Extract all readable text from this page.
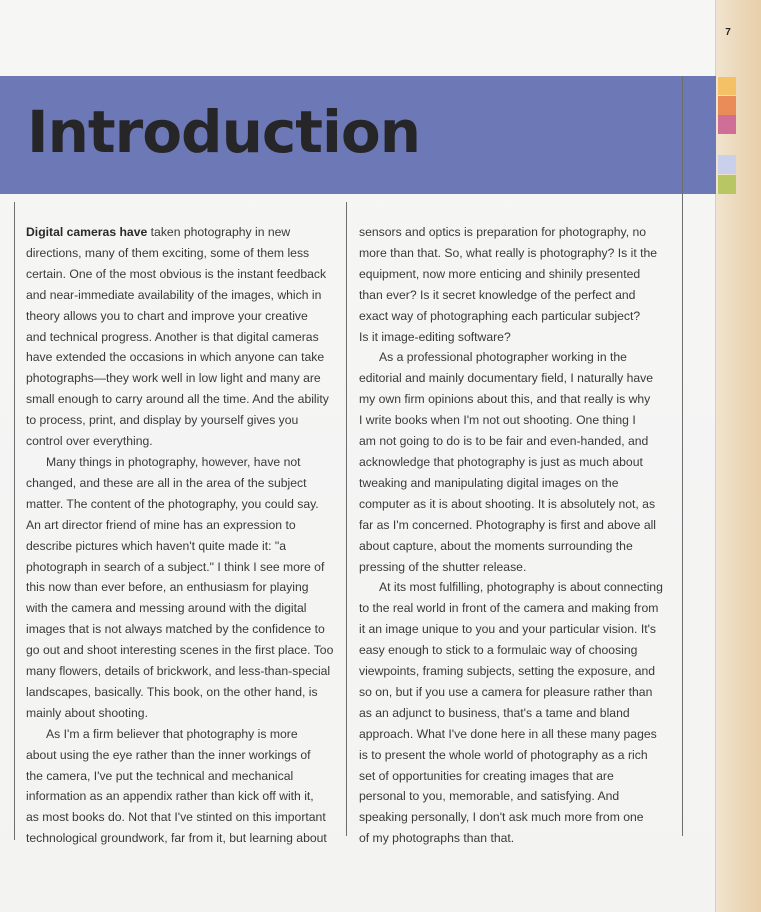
7
Introduction

Digital cameras have taken photography in new
directions, many of them exciting, some of them less
certain. One of the most obvious is the instant feedback
and near-immediate availability of the images, which in
theory allows you to chart and improve your creative
and technical progress. Another is that digital cameras
have extended the occasions in which anyone can take
photographs—they work well in low light and many are
small enough to carry around all the time. And the ability
to process, print, and display by yourself gives you
control over everything.

Many things in photography, however, have not
changed, and these are all in the area of the subject
matter. The content of the photography, you could say.
An art director friend of mine has an expression to
describe pictures which haven't quite made it: "a
photograph in search of a subject." I think I see more of
this now than ever before, an enthusiasm for playing
with the camera and messing around with the digital
images that is not always matched by the confidence to
go out and shoot interesting scenes in the first place. Too
many flowers, details of brickwork, and less-than-special
landscapes, basically. This book, on the other hand, is
mainly about shooting.

As I'm a firm believer that photography is more
about using the eye rather than the inner workings of
the camera, I've put the technical and mechanical
information as an appendix rather than kick off with it,
as most books do. Not that I've stinted on this important
technological groundwork, far from it, but learning about

sensors and optics is preparation for photography, no
more than that. So, what really is photography? Is it the
equipment, now more enticing and shinily presented
than ever? Is it secret knowledge of the perfect and
exact way of photographing each particular subject?
Is it image-editing software?

As a professional photographer working in the
editorial and mainly documentary field, I naturally have
my own firm opinions about this, and that really is why
I write books when I'm not out shooting. One thing I
am not going to do is to be fair and even-handed, and
acknowledge that photography is just as much about
tweaking and manipulating digital images on the
computer as it is about shooting. It is absolutely not, as
far as I'm concerned. Photography is first and above all
about capture, about the moments surrounding the
pressing of the shutter release.

At its most fulfilling, photography is about connecting
to the real world in front of the camera and making from
it an image unique to you and your particular vision. It's
easy enough to stick to a formulaic way of choosing
viewpoints, framing subjects, setting the exposure, and
so on, but if you use a camera for pleasure rather than
as an adjunct to business, that's a tame and bland
approach. What I've done here in all these many pages
is to present the whole world of photography as a rich
set of opportunities for creating images that are
personal to you, memorable, and satisfying. And
speaking personally, I don't ask much more from one
of my photographs than that.
